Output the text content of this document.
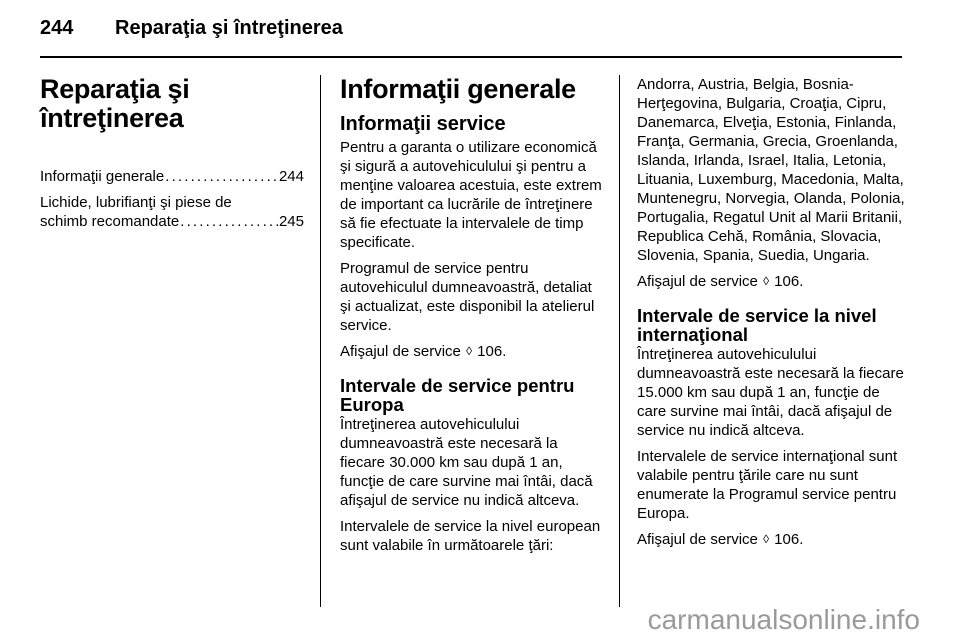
244 Reparaţia şi întreţinerea
Reparaţia şi
întreţinerea
Informaţii generale . . .	244
Lichide, lubrifianţi şi piese de
schimb recomandate . . .	245
Informaţii generale
Informaţii service

Pentru a garanta o utilizare economică şi sigură a autovehiculului şi pentru a menţine valoarea acestuia, este extrem de important ca lucrările de întreţinere să fie efectuate la intervalele de timp specificate.

Programul de service pentru autovehiculul dumneavoastră, detaliat şi actualizat, este disponibil la atelierul service.

Afişajul de service ◊ 106.

Intervale de service pentru
Europa

Întreţinerea autovehiculului dumneavoastră este necesară la fiecare 30.000 km sau după 1 an, funcţie de care survine mai întâi, dacă afişajul de service nu indică altceva.

Intervalele de service la nivel european sunt valabile în următoarele ţări:

Andorra, Austria, Belgia, Bosnia-Herţegovina, Bulgaria, Croaţia, Cipru, Danemarca, Elveţia, Estonia, Finlanda, Franţa, Germania, Grecia, Groenlanda, Islanda, Irlanda, Israel, Italia, Letonia, Lituania, Luxemburg, Macedonia, Malta, Muntenegru, Norvegia, Olanda, Polonia, Portugalia, Regatul Unit al Marii Britanii, Republica Cehă, România, Slovacia, Slovenia, Spania, Suedia, Ungaria.

Afişajul de service ◊ 106.

Intervale de service la nivel
internaţional

Întreţinerea autovehiculului dumneavoastră este necesară la fiecare 15.000 km sau după 1 an, funcţie de care survine mai întâi, dacă afişajul de service nu indică altceva.

Intervalele de service internaţional sunt valabile pentru ţările care nu sunt enumerate la Programul service pentru Europa.

Afişajul de service ◊ 106.

carmanualsonline.info
